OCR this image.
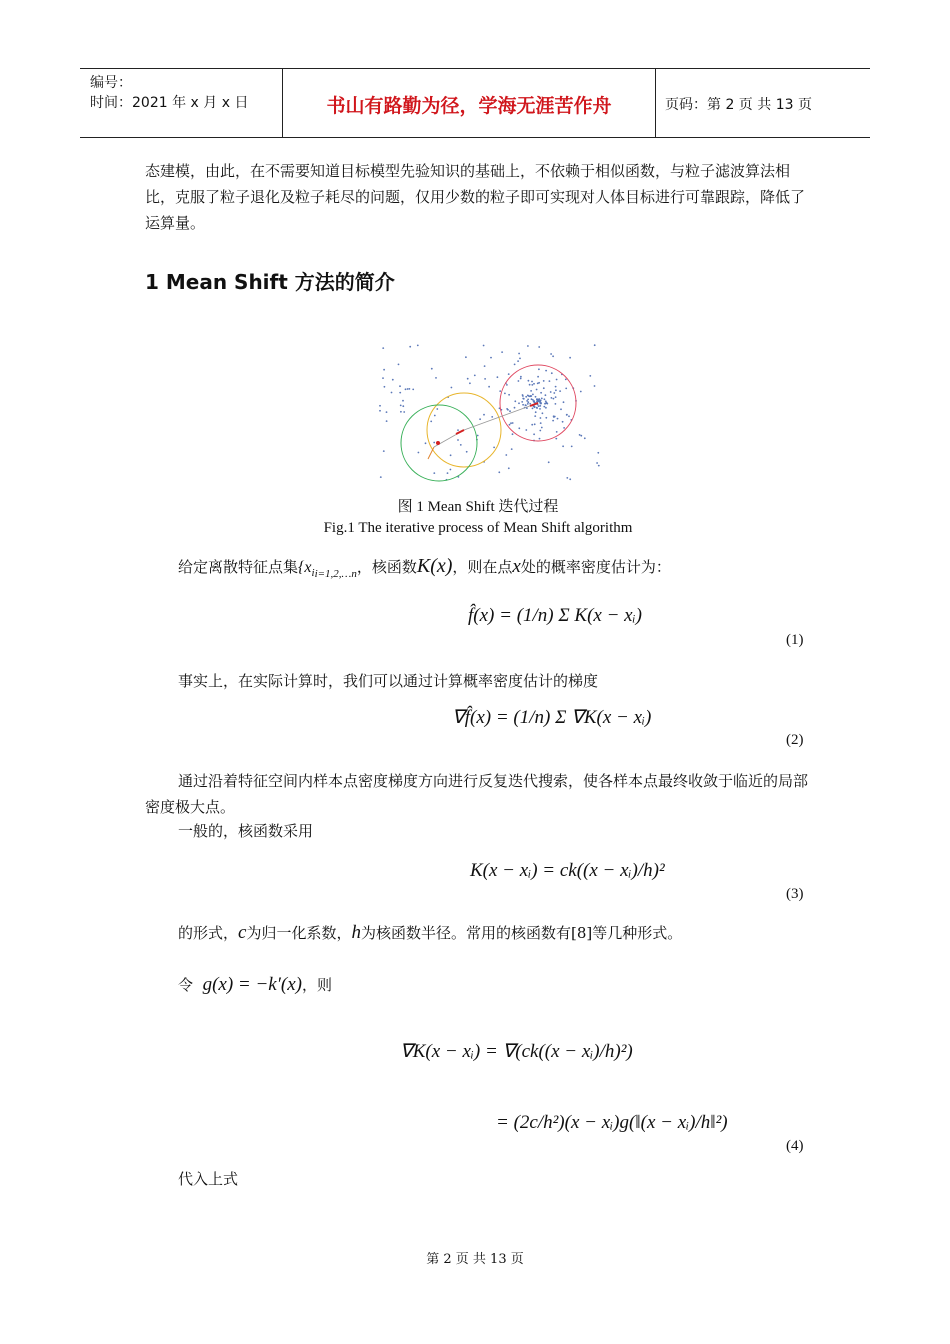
编号：
时间：2021 年 x 月 x 日	书山有路勤为径，学海无涯苦作舟	页码：第 2 页 共 13 页
态建模，由此，在不需要知道目标模型先验知识的基础上，不依赖于相似函数，与粒子滤波算法相比，克服了粒子退化及粒子耗尽的问题，仅用少数的粒子即可实现对人体目标进行可靠跟踪，降低了运算量。
1 Mean Shift 方法的简介
图 1 Mean Shift 迭代过程
Fig.1 The iterative process of Mean Shift algorithm
给定离散特征点集{$x_{ii=1,2,\dots n}$，核函数K(x)，则在点x处的概率密度估计为：
f̂(x) = (1/n) Σ K(x − xᵢ)
(1)
事实上，在实际计算时，我们可以通过计算概率密度估计的梯度
∇f̂(x) = (1/n) Σ ∇K(x − xᵢ)
(2)
通过沿着特征空间内样本点密度梯度方向进行反复迭代搜索，使各样本点最终收敛于临近的局部密度极大点。
一般的，核函数采用
K(x − xᵢ) = ck((x − xᵢ)/h)²
(3)
的形式，c为归一化系数，h为核函数半径。常用的核函数有[8]等几种形式。
令 g(x) = −k′(x)，则
∇K(x − xᵢ) = ∇(ck((x − xᵢ)/h)²)
= (2c/h²)(x − xᵢ)g(‖(x − xᵢ)/h‖²)
(4)
代入上式
第 2 页 共 13 页
